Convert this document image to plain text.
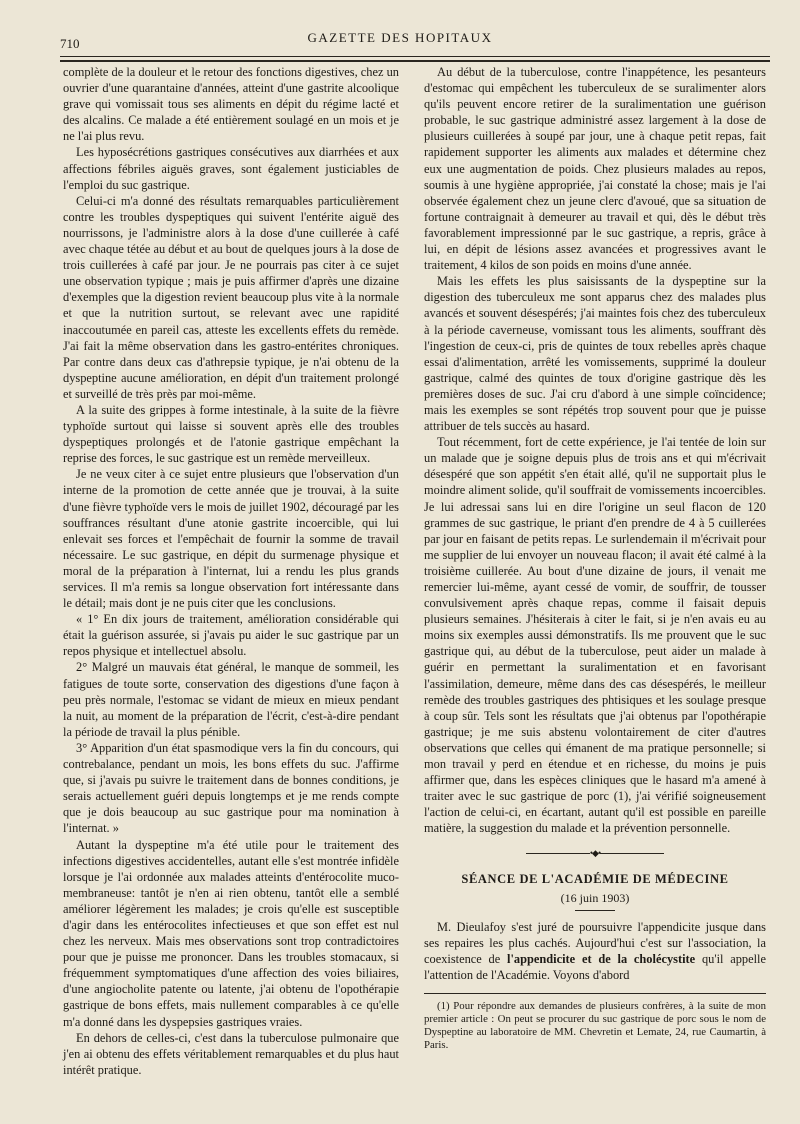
710	GAZETTE DES HOPITAUX

complète de la douleur et le retour des fonctions digestives, chez un ouvrier d'une quarantaine d'années, atteint d'une gastrite alcoolique grave qui vomissait tous ses aliments en dépit du régime lacté et des alcalins. Ce malade a été entièrement soulagé en un mois et je ne l'ai plus revu.

Les hyposécrétions gastriques consécutives aux diarrhées et aux affections fébriles aiguës graves, sont également justiciables de l'emploi du suc gastrique.

Celui-ci m'a donné des résultats remarquables particulièrement contre les troubles dyspeptiques qui suivent l'entérite aiguë des nourrissons, je l'administre alors à la dose d'une cuillerée à café avec chaque tétée au début et au bout de quelques jours à la dose de trois cuillerées à café par jour. Je ne pourrais pas citer à ce sujet une observation typique ; mais je puis affirmer d'après une dizaine d'exemples que la digestion revient beaucoup plus vite à la normale et que la nutrition surtout, se relevant avec une rapidité inaccoutumée en pareil cas, atteste les excellents effets du remède. J'ai fait la même observation dans les gastro-entérites chroniques. Par contre dans deux cas d'athrepsie typique, je n'ai obtenu de la dyspeptine aucune amélioration, en dépit d'un traitement prolongé et surveillé de très près par moi-même.

A la suite des grippes à forme intestinale, à la suite de la fièvre typhoïde surtout qui laisse si souvent après elle des troubles dyspeptiques prolongés et de l'atonie gastrique empêchant la reprise des forces, le suc gastrique est un remède merveilleux.

Je ne veux citer à ce sujet entre plusieurs que l'observation d'un interne de la promotion de cette année que je trouvai, à la suite d'une fièvre typhoïde vers le mois de juillet 1902, découragé par les souffrances résultant d'une atonie gastrite incoercible, qui lui enlevait ses forces et l'empêchait de fournir la somme de travail nécessaire. Le suc gastrique, en dépit du surmenage physique et moral de la préparation à l'internat, lui a rendu les plus grands services. Il m'a remis sa longue observation fort intéressante dans le détail; mais dont je ne puis citer que les conclusions.

« 1° En dix jours de traitement, amélioration considérable qui était la guérison assurée, si j'avais pu aider le suc gastrique par un repos physique et intellectuel absolu.

2° Malgré un mauvais état général, le manque de sommeil, les fatigues de toute sorte, conservation des digestions d'une façon à peu près normale, l'estomac se vidant de mieux en mieux pendant la nuit, au moment de la préparation de l'écrit, c'est-à-dire pendant la période de travail la plus pénible.

3° Apparition d'un état spasmodique vers la fin du concours, qui contrebalance, pendant un mois, les bons effets du suc. J'affirme que, si j'avais pu suivre le traitement dans de bonnes conditions, je serais actuellement guéri depuis longtemps et je me rends compte que je dois beaucoup au suc gastrique pour ma nomination à l'internat. »

Autant la dyspeptine m'a été utile pour le traitement des infections digestives accidentelles, autant elle s'est montrée infidèle lorsque je l'ai ordonnée aux malades atteints d'entérocolite muco-membraneuse: tantôt je n'en ai rien obtenu, tantôt elle a semblé améliorer légèrement les malades; je crois qu'elle est susceptible d'agir dans les entérocolites infectieuses et que son effet est nul chez les nerveux. Mais mes observations sont trop contradictoires pour que je puisse me prononcer. Dans les troubles stomacaux, si fréquemment symptomatiques d'une affection des voies biliaires, d'une angiocholite patente ou latente, j'ai obtenu de l'opothérapie gastrique de bons effets, mais nullement comparables à ce qu'elle m'a donné dans les dyspepsies gastriques vraies.

En dehors de celles-ci, c'est dans la tuberculose pulmonaire que j'en ai obtenu des effets véritablement remarquables et du plus haut intérêt pratique.

Au début de la tuberculose, contre l'inappétence, les pesanteurs d'estomac qui empêchent les tuberculeux de se suralimenter alors qu'ils peuvent encore retirer de la suralimentation une guérison probable, le suc gastrique administré assez largement à la dose de plusieurs cuillerées à soupé par jour, une à chaque petit repas, fait rapidement supporter les aliments aux malades et détermine chez eux une augmentation de poids. Chez plusieurs malades au repos, soumis à une hygiène appropriée, j'ai constaté la chose; mais je l'ai observée également chez un jeune clerc d'avoué, que sa situation de fortune contraignait à demeurer au travail et qui, dès le début très favorablement impressionné par le suc gastrique, a repris, grâce à lui, en dépit de lésions assez avancées et progressives avant le traitement, 4 kilos de son poids en moins d'une année.

Mais les effets les plus saisissants de la dyspeptine sur la digestion des tuberculeux me sont apparus chez des malades plus avancés et souvent désespérés; j'ai maintes fois chez des tuberculeux à la période caverneuse, vomissant tous les aliments, souffrant dès l'ingestion de ceux-ci, pris de quintes de toux rebelles après chaque essai d'alimentation, arrêté les vomissements, supprimé la douleur gastrique, calmé des quintes de toux d'origine gastrique dès les premières doses de suc. J'ai cru d'abord à une simple coïncidence; mais les exemples se sont répétés trop souvent pour que je puisse attribuer de tels succès au hasard.

Tout récemment, fort de cette expérience, je l'ai tentée de loin sur un malade que je soigne depuis plus de trois ans et qui m'écrivait désespéré que son appétit s'en était allé, qu'il ne supportait plus le moindre aliment solide, qu'il souffrait de vomissements incoercibles. Je lui adressai sans lui en dire l'origine un seul flacon de 120 grammes de suc gastrique, le priant d'en prendre de 4 à 5 cuillerées par jour en faisant de petits repas. Le surlendemain il m'écrivait pour me supplier de lui envoyer un nouveau flacon; il avait été calmé à la troisième cuillerée. Au bout d'une dizaine de jours, il venait me remercier lui-même, ayant cessé de vomir, de souffrir, de tousser convulsivement après chaque repas, comme il faisait depuis plusieurs semaines. J'hésiterais à citer le fait, si je n'en avais eu au moins six exemples aussi démonstratifs. Ils me prouvent que le suc gastrique qui, au début de la tuberculose, peut aider un malade à guérir en permettant la suralimentation et en favorisant l'assimilation, demeure, même dans des cas désespérés, le meilleur remède des troubles gastriques des phtisiques et les soulage presque à coup sûr. Tels sont les résultats que j'ai obtenus par l'opothérapie gastrique; je me suis abstenu volontairement de citer d'autres observations que celles qui émanent de ma pratique personnelle; si mon travail y perd en étendue et en richesse, du moins je puis affirmer que, dans les espèces cliniques que le hasard m'a amené à traiter avec le suc gastrique de porc (1), j'ai vérifié soigneusement l'action de celui-ci, en écartant, autant qu'il est possible en pareille matière, la suggestion du malade et la prévention personnelle.

•◆•
SÉANCE DE L'ACADÉMIE DE MÉDECINE
(16 juin 1903)

M. Dieulafoy s'est juré de poursuivre l'appendicite jusque dans ses repaires les plus cachés. Aujourd'hui c'est sur l'association, la coexistence de l'appendicite et de la cholécystite qu'il appelle l'attention de l'Académie. Voyons d'abord

(1) Pour répondre aux demandes de plusieurs confrères, à la suite de mon premier article : On peut se procurer du suc gastrique de porc sous le nom de Dyspeptine au laboratoire de MM. Chevretin et Lemate, 24, rue Caumartin, à Paris.
